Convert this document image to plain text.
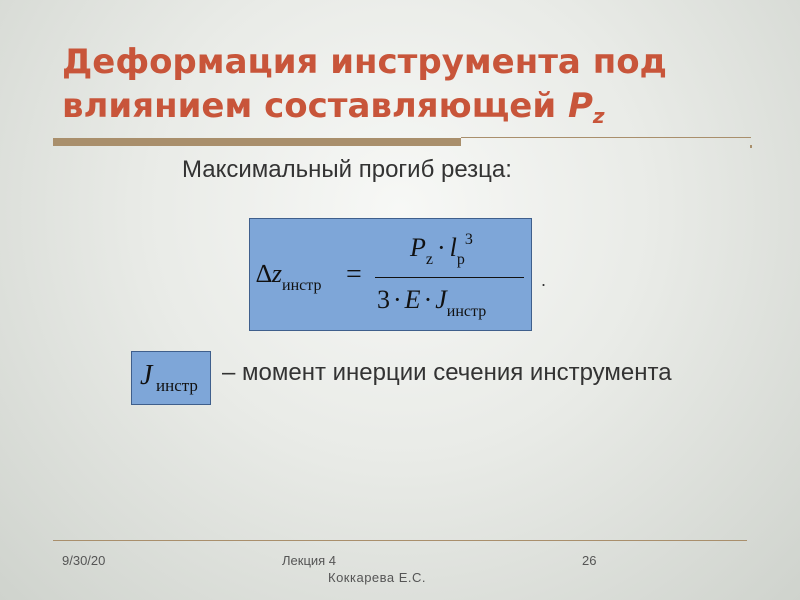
Деформация инструмента под влиянием составляющей $P_z$
Максимальный прогиб резца:
$\Delta z_{инстр}$ =
$P_z \cdot l_р^3$
$3 \cdot E \cdot J_{инстр}$
.
J инстр – момент инерции сечения инструмента
9/30/20	Лекция 4	26
Коккарева Е.С.
